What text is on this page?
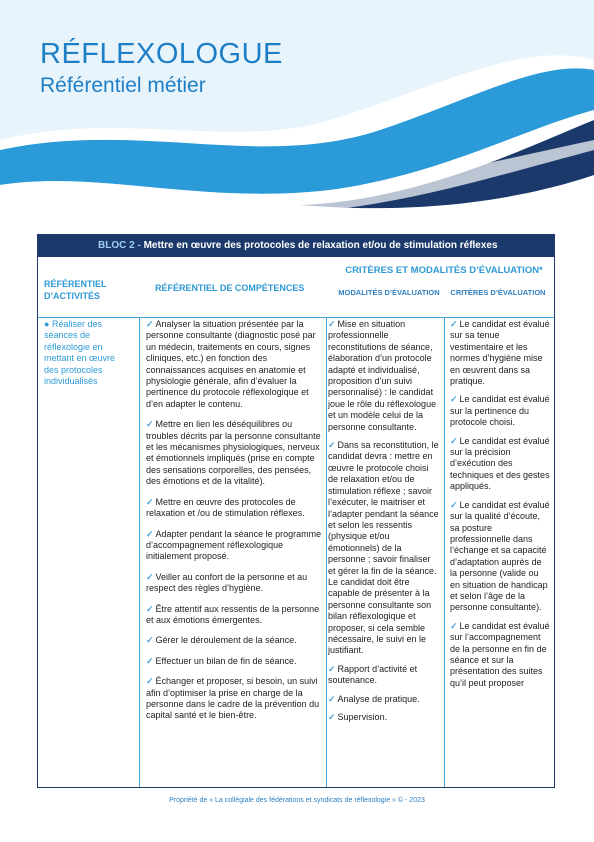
RÉFLEXOLOGUE
Référentiel métier
BLOC 2 - Mettre en œuvre des protocoles de relaxation et/ou de stimulation réflexes
RÉFÉRENTIEL D’ACTIVITÉS
RÉFÉRENTIEL DE COMPÉTENCES
CRITÈRES ET MODALITÉS D’ÉVALUATION*
MODALITÉS D’ÉVALUATION	CRITÈRES D’ÉVALUATION
● Réaliser des séances de réflexologie en mettant en œuvre des protocoles individualisés
✓ Analyser la situation présentée par la personne consultante (diagnostic posé par un médecin, traitements en cours, signes cliniques, etc.) en fonction des connaissances acquises en anatomie et physiologie générale, afin d’évaluer la pertinence du protocole réflexologique et d’en adapter le contenu.
✓ Mettre en lien les déséquilibres ou troubles décrits par la personne consultante et les mécanismes physiologiques, nerveux et émotionnels impliqués (prise en compte des sensations corporelles, des pensées, des émotions et de la vitalité).
✓ Mettre en œuvre des protocoles de relaxation et /ou de stimulation réflexes.
✓ Adapter pendant la séance le programme d’accompagnement réflexologique initialement proposé.
✓ Veiller au confort de la personne et au respect des règles d’hygiène.
✓ Être attentif aux ressentis de la personne et aux émotions émergentes.
✓ Gérer le déroulement de la séance.
✓ Effectuer un bilan de fin de séance.
✓ Échanger et proposer, si besoin, un suivi afin d’optimiser la prise en charge de la personne dans le cadre de la prévention du capital santé et le bien-être.
✓ Mise en situation professionnelle reconstitutions de séance, élaboration d’un protocole adapté et individualisé, proposition d’un suivi personnalisé) : le candidat joue le rôle du réflexologue et un modèle celui de la personne consultante.
✓ Dans sa reconstitution, le candidat devra : mettre en œuvre le protocole choisi de relaxation et/ou de stimulation réflexe ; savoir l’exécuter, le maitriser et l’adapter pendant la séance et selon les ressentis (physique et/ou émotionnels) de la personne ; savoir finaliser et gérer la fin de la séance. Le candidat doit être capable de présenter à la personne consultante son bilan réflexologique et proposer, si cela semble nécessaire, le suivi en le justifiant.
✓ Rapport d’activité et soutenance.
✓ Analyse de pratique.
✓ Supervision.
✓ Le candidat est évalué sur sa tenue vestimentaire et les normes d’hygiène mise en œuvrent dans sa pratique.
✓ Le candidat est évalué sur la pertinence du protocole choisi.
✓ Le candidat est évalué sur la précision d’exécution des techniques et des gestes appliqués.
✓ Le candidat est évalué sur la qualité d’écoute, sa posture professionnelle dans l’échange et sa capacité d’adaptation auprès de la personne (valide ou en situation de handicap et selon l’âge de la personne consultante).
✓ Le candidat est évalué sur l’accompagnement de la personne en fin de séance et sur la présentation des suites qu’il peut proposer
Propriété de « La collégiale des fédérations et syndicats de réflexologie » © - 2023
